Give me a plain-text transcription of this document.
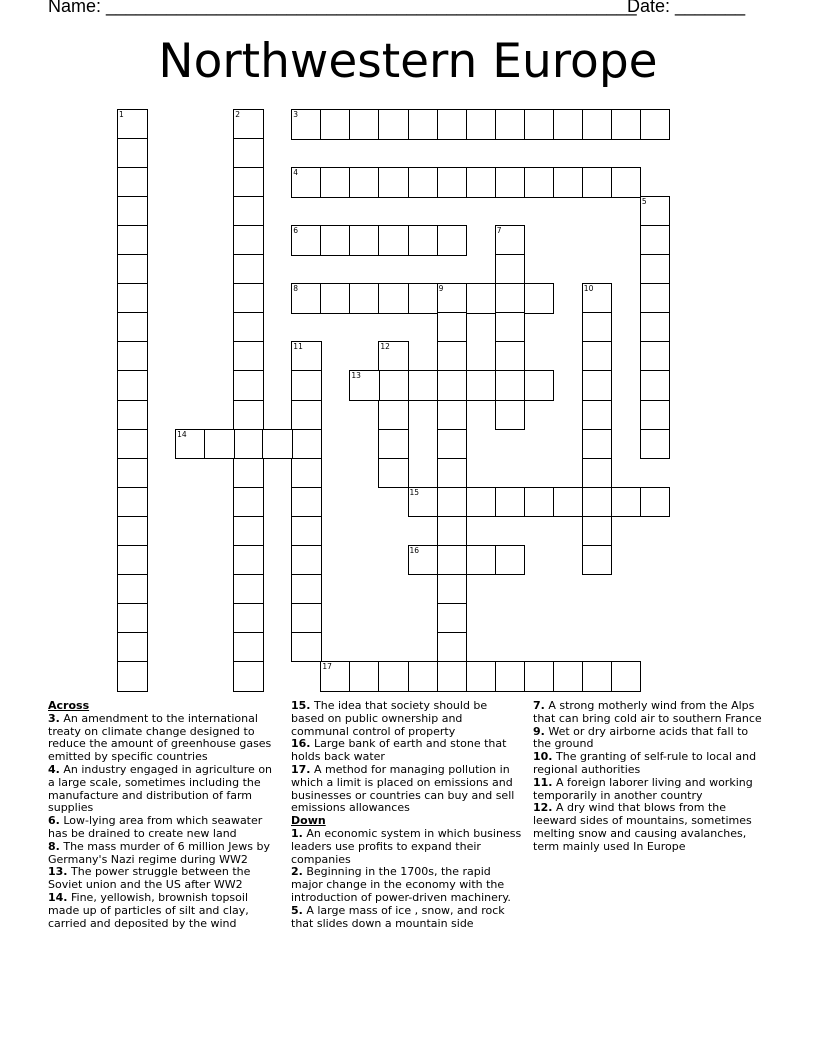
Name: _____________________________________________________
Date: _______
Northwestern Europe
1	2	3
4
5
6	7
8	9	10
11	12
13
14
15
16
17

Across

3. An amendment to the international treaty on climate change designed to reduce the amount of greenhouse gases emitted by specific countries

4. An industry engaged in agriculture on a large scale, sometimes including the manufacture and distribution of farm supplies

6. Low-lying area from which seawater has be drained to create new land

8. The mass murder of 6 million Jews by Germany's Nazi regime during WW2

13. The power struggle between the Soviet union and the US after WW2

14. Fine, yellowish, brownish topsoil made up of particles of silt and clay, carried and deposited by the wind

15. The idea that society should be based on public ownership and communal control of property

16. Large bank of earth and stone that holds back water

17. A method for managing pollution in which a limit is placed on emissions and businesses or countries can buy and sell emissions allowances

Down

1. An economic system in which business leaders use profits to expand their companies

2. Beginning in the 1700s, the rapid major change in the economy with the introduction of power-driven machinery.

5. A large mass of ice , snow, and rock that slides down a mountain side

7. A strong motherly wind from the Alps that can bring cold air to southern France

9. Wet or dry airborne acids that fall to the ground

10. The granting of self-rule to local and regional authorities

11. A foreign laborer living and working temporarily in another country

12. A dry wind that blows from the leeward sides of mountains, sometimes melting snow and causing avalanches, term mainly used In Europe
